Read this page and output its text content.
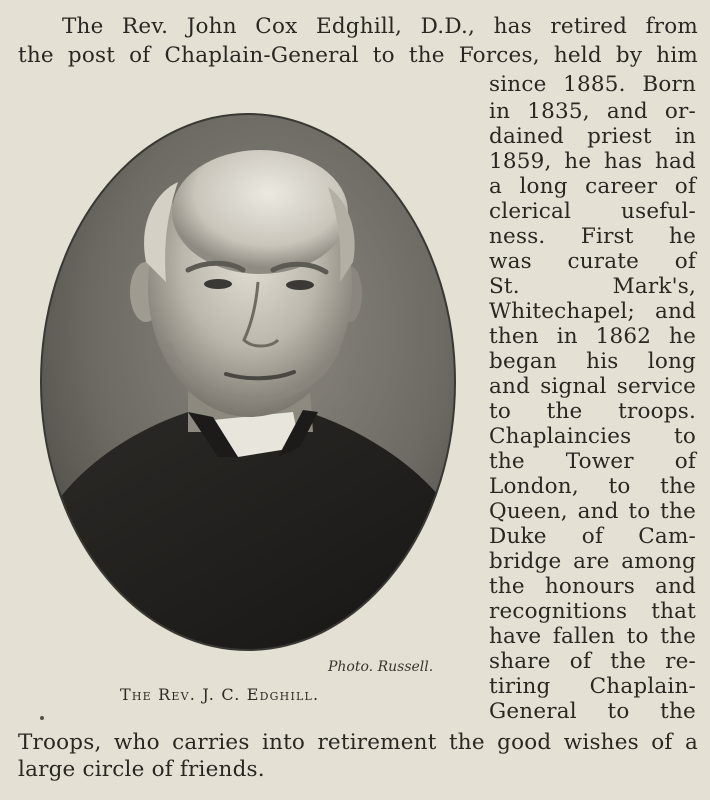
The Rev. John Cox Edghill, D.D., has retired from
the post of Chaplain-General to the Forces, held by him
since 1885. Born
in 1835, and or-
dained priest in
1859, he has had
a long career of
clerical useful-
ness. First he
was curate of
St. Mark's,
Whitechapel; and
then in 1862 he
began his long
and signal service
to the troops.
Chaplaincies to
the Tower of
London, to the
Queen, and to the
Duke of Cam-
bridge are among
the honours and
recognitions that
have fallen to the
share of the re-
tiring Chaplain-
General to the
Troops, who carries into retirement the good wishes of a
large circle of friends.
Photo. Russell.
The Rev. J. C. Edghill.
